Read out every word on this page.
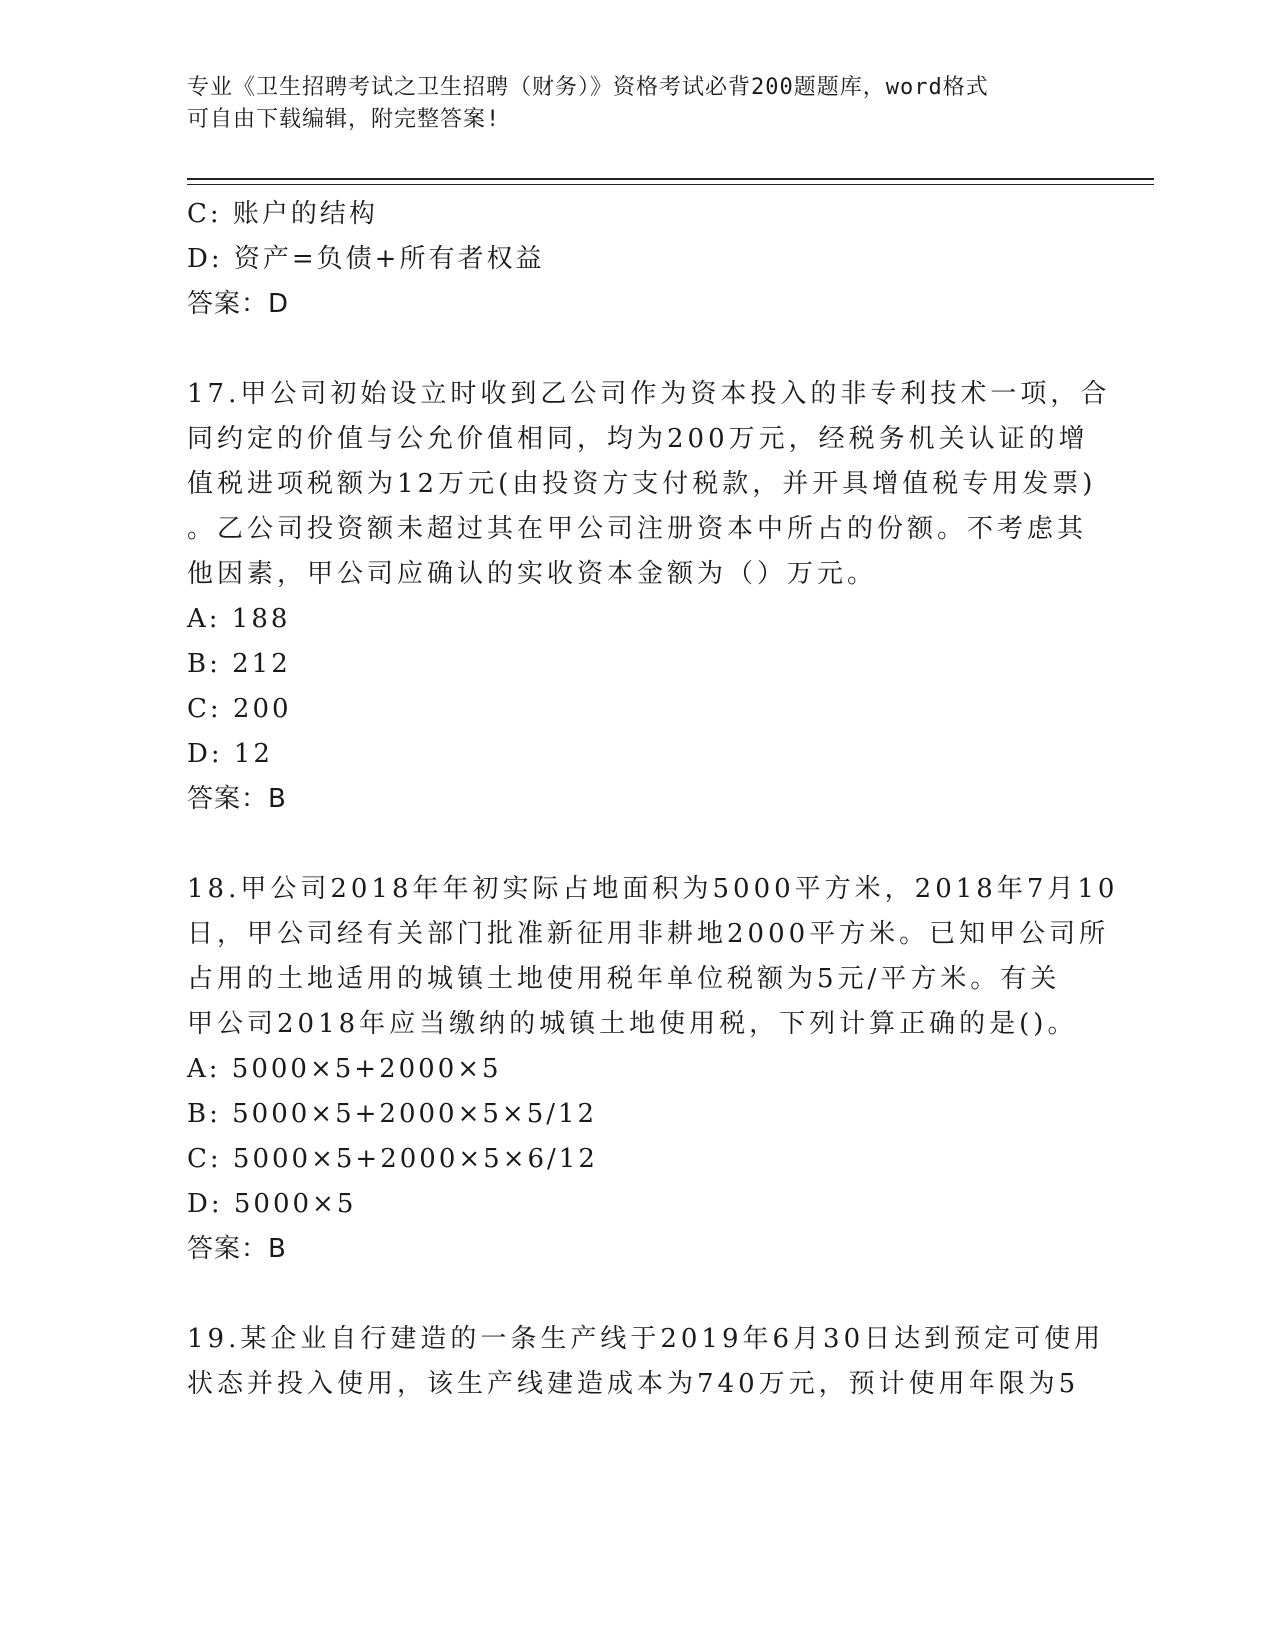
专业《卫生招聘考试之卫生招聘（财务）》资格考试必背200题题库，word格式
可自由下载编辑，附完整答案!
C: 账户的结构
D: 资产=负债+所有者权益
答案：D
17.甲公司初始设立时收到乙公司作为资本投入的非专利技术一项，合
同约定的价值与公允价值相同，均为200万元，经税务机关认证的增
值税进项税额为12万元(由投资方支付税款，并开具增值税专用发票)
。乙公司投资额未超过其在甲公司注册资本中所占的份额。不考虑其
他因素，甲公司应确认的实收资本金额为（）万元。
A: 188
B: 212
C: 200
D: 12
答案：B
18.甲公司2018年年初实际占地面积为5000平方米，2018年7月10
日，甲公司经有关部门批准新征用非耕地2000平方米。已知甲公司所
占用的土地适用的城镇土地使用税年单位税额为5元/平方米。有关
甲公司2018年应当缴纳的城镇土地使用税，下列计算正确的是()。
A: 5000×5+2000×5
B: 5000×5+2000×5×5/12
C: 5000×5+2000×5×6/12
D: 5000×5
答案：B
19.某企业自行建造的一条生产线于2019年6月30日达到预定可使用
状态并投入使用，该生产线建造成本为740万元，预计使用年限为5
